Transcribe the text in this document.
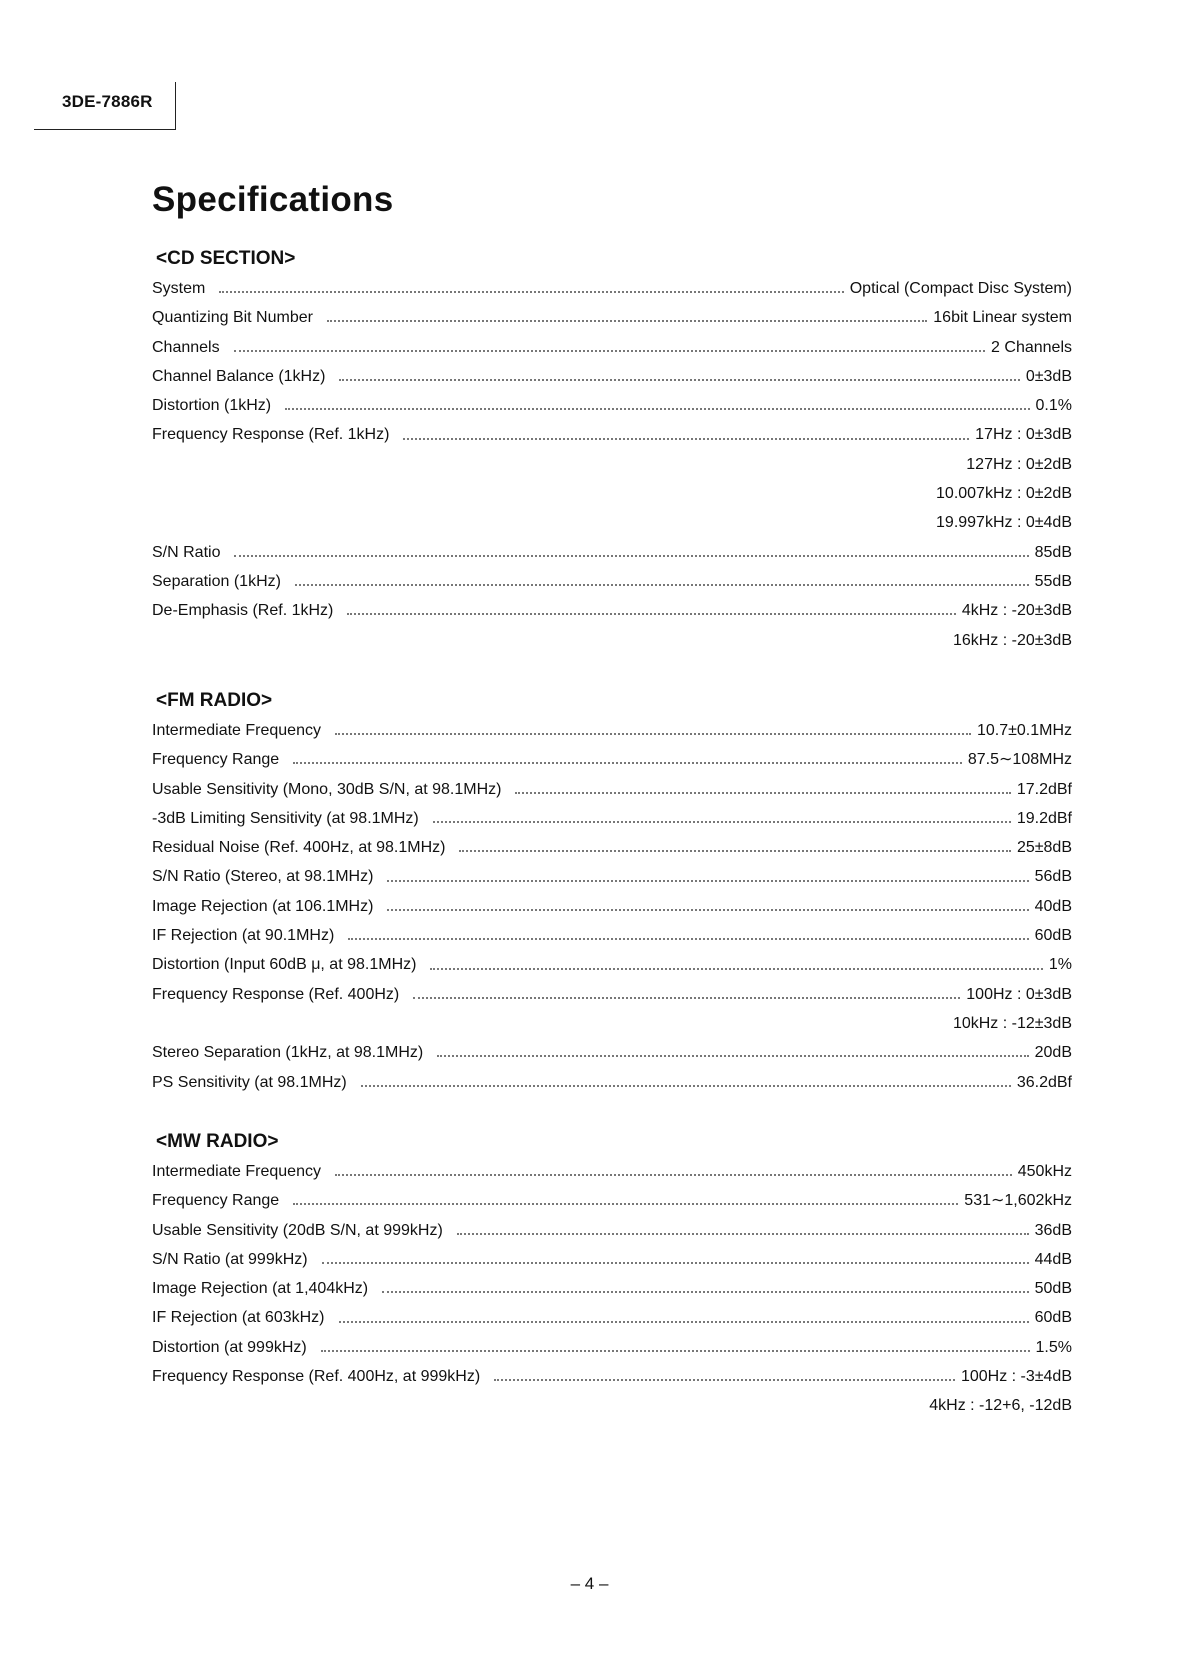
3DE-7886R
Specifications
<CD SECTION>
System	Optical (Compact Disc System)
Quantizing Bit Number	16bit Linear system
Channels	2 Channels
Channel Balance (1kHz)	0±3dB
Distortion (1kHz)	0.1%
Frequency Response (Ref. 1kHz)	17Hz : 0±3dB
127Hz : 0±2dB
10.007kHz : 0±2dB
19.997kHz : 0±4dB
S/N Ratio	85dB
Separation (1kHz)	55dB
De-Emphasis (Ref. 1kHz)	4kHz : -20±3dB
16kHz : -20±3dB
<FM RADIO>
Intermediate Frequency	10.7±0.1MHz
Frequency Range	87.5∼108MHz
Usable Sensitivity (Mono, 30dB S/N, at 98.1MHz)	17.2dBf
-3dB Limiting Sensitivity (at 98.1MHz)	19.2dBf
Residual Noise (Ref. 400Hz, at 98.1MHz)	25±8dB
S/N Ratio (Stereo, at 98.1MHz)	56dB
Image Rejection (at 106.1MHz)	40dB
IF Rejection (at 90.1MHz)	60dB
Distortion (Input 60dB μ, at 98.1MHz)	1%
Frequency Response (Ref. 400Hz)	100Hz : 0±3dB
10kHz : -12±3dB
Stereo Separation (1kHz, at 98.1MHz)	20dB
PS Sensitivity (at 98.1MHz)	36.2dBf
<MW RADIO>
Intermediate Frequency	450kHz
Frequency Range	531∼1,602kHz
Usable Sensitivity (20dB S/N, at 999kHz)	36dB
S/N Ratio (at 999kHz)	44dB
Image Rejection (at 1,404kHz)	50dB
IF Rejection (at 603kHz)	60dB
Distortion (at 999kHz)	1.5%
Frequency Response (Ref. 400Hz, at 999kHz)	100Hz : -3±4dB
4kHz : -12+6, -12dB
– 4 –
